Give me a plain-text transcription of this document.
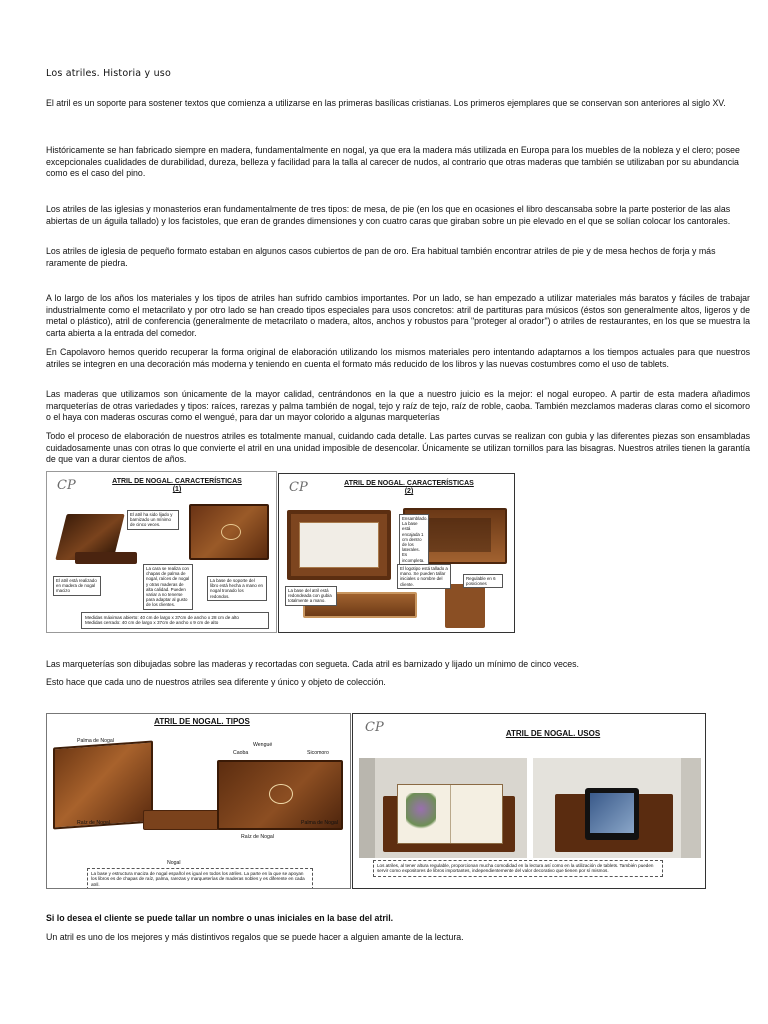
Los atriles. Historia y uso

El atril es un soporte para sostener textos que comienza a utilizarse en las primeras basílicas cristianas. Los primeros ejemplares que se conservan son anteriores al siglo XV.

Históricamente se han fabricado siempre en madera, fundamentalmente en nogal, ya que era la madera más utilizada en Europa para los muebles de la nobleza y el clero; posee excepcionales cualidades de durabilidad, dureza, belleza y facilidad para la talla al carecer de nudos, al contrario que otras maderas que también se utilizaban por su abundancia como es el caso del pino.

Los atriles de las iglesias y monasterios eran fundamentalmente de tres tipos: de mesa, de pie (en los que en ocasiones el libro descansaba sobre la parte posterior de las alas abiertas de un águila tallado) y los facistoles, que eran de grandes dimensiones y con cuatro caras que giraban sobre un pie elevado en el que se solían colocar los cantorales.

Los atriles de iglesia de pequeño formato estaban en algunos casos cubiertos de pan de oro. Era habitual también encontrar atriles de pie y de mesa hechos de forja y más raramente de piedra.

A lo largo de los años los materiales y los tipos de atriles han sufrido cambios importantes. Por un lado, se han empezado a utilizar materiales más baratos y fáciles de trabajar industrialmente como el metacrilato y por otro lado se han creado tipos especiales para usos concretos: atril de partituras para músicos (éstos son generalmente altos, ligeros y de metal o plástico), atril de conferencia (generalmente de metacrilato o madera, altos, anchos y robustos para "proteger al orador") o atriles de restaurantes, en los que se muestra la carta abierta a la entrada del comedor.

En Capolavoro hemos querido recuperar la forma original de elaboración utilizando los mismos materiales pero intentando adaptarnos a los tiempos actuales para que nuestros atriles se integren en una decoración más moderna y teniendo en cuenta el formato más reducido de los libros y las nuevas costumbres como el uso de tablets.

Las maderas que utilizamos son únicamente de la mayor calidad, centrándonos en la que a nuestro juicio es la mejor: el nogal europeo. A partir de esta madera añadimos marqueterías de otras variedades y tipos: raíces, rarezas y palma también de nogal, tejo y raíz de tejo, raíz de roble, caoba. También mezclamos maderas claras como el sicomoro o el haya con maderas oscuras como el wengué, para dar un mayor colorido a algunas marqueterías

Todo el proceso de elaboración de nuestros atriles es totalmente manual, cuidando cada detalle. Las partes curvas se realizan con gubia y las diferentes piezas son ensambladas cuidadosamente unas con otras lo que convierte el atril en una unidad imposible de desencolar. Únicamente se utilizan tornillos para las bisagras. Nuestros atriles tienen la garantía de que van a durar cientos de años.

CP	ATRIL DE NOGAL. CARACTERÍSTICAS
(1)
El atril ha sido lijado y barnizado un mínimo de cinco veces.
El atril está realizado en madera de nogal macizo
La cara se realiza con chapas de palma de nogal, raíces de nogal y otras maderas de alta calidad. Pueden variar a no tenerse para adaptar al gusto de los clientes.
La base de soporte del libro está hecha a mano en nogal tronado los redondos.
Medidas máximas abierto: 40 cm de largo x 37cm de ancho x 28 cm de alto
Medidas cerrado: 40 cm de largo x 37cm de ancho x 9 cm de alto
CP	ATRIL DE NOGAL. CARACTERÍSTICAS
(2)
Ensamblado. La base está encajada 1 cm dentro de los laterales. Es incompleta.
El logotipo está tallado a mano. Se pueden tallar iniciales o nombre del cliente.
Regulable en 6 posiciones
La base del atril está redondeada con gubia totalmente a mano.

Las marqueterías son dibujadas sobre las maderas y recortadas con segueta. Cada atril es barnizado y lijado un mínimo de cinco veces.

Esto hace que cada uno de nuestros atriles sea diferente y único y objeto de colección.

ATRIL DE NOGAL. TIPOS
Palma de Nogal
Caoba
Wengué
Sicomoro
Raíz de Nogal
Raíz de Nogal
Palma de Nogal
Nogal
La base y estructura maciza de nogal español es igual en todos los atriles. La parte en la que se apoyan los libros es de chapas de raíz, palma, rarezas y marqueterías de maderas nobles y es diferente en cada atril.
CP	ATRIL DE NOGAL. USOS
Los atriles, al tener altura regulable, proporcionan mucha comodidad en la lectura así como en la utilización de tablets. También pueden servir como expositores de libros importantes, independientemente del valor decorativo que tienen por sí mismos.

Si lo desea el cliente se puede tallar un nombre o unas iniciales en la base del atril.

Un atril es uno de los mejores y más distintivos regalos que se puede hacer a alguien amante de la lectura.
